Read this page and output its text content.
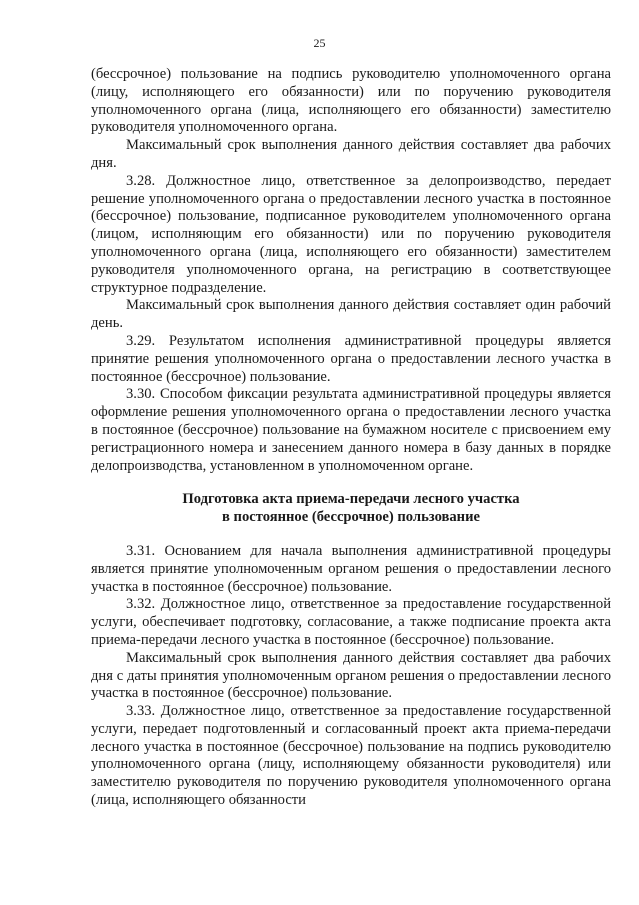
25

(бессрочное) пользование на подпись руководителю уполномоченного органа (лицу, исполняющего его обязанности) или по поручению руководителя уполномоченного органа (лица, исполняющего его обязанности) заместителю руководителя уполномоченного органа.

Максимальный срок выполнения данного действия составляет два рабочих дня.

3.28. Должностное лицо, ответственное за делопроизводство, передает решение уполномоченного органа о предоставлении лесного участка в постоянное (бессрочное) пользование, подписанное руководителем уполномоченного органа (лицом, исполняющим его обязанности) или по поручению руководителя уполномоченного органа (лица, исполняющего его обязанности) заместителем руководителя уполномоченного органа, на регистрацию в соответствующее структурное подразделение.

Максимальный срок выполнения данного действия составляет один рабочий день.

3.29. Результатом исполнения административной процедуры является принятие решения уполномоченного органа о предоставлении лесного участка в постоянное (бессрочное) пользование.

3.30. Способом фиксации результата административной процедуры является оформление решения уполномоченного органа о предоставлении лесного участка в постоянное (бессрочное) пользование на бумажном носителе с присвоением ему регистрационного номера и занесением данного номера в базу данных в порядке делопроизводства, установленном в уполномоченном органе.

Подготовка акта приема-передачи лесного участка
в постоянное (бессрочное) пользование

3.31. Основанием для начала выполнения административной процедуры является принятие уполномоченным органом решения о предоставлении лесного участка в постоянное (бессрочное) пользование.

3.32. Должностное лицо, ответственное за предоставление государственной услуги, обеспечивает подготовку, согласование, а также подписание проекта акта приема-передачи лесного участка в постоянное (бессрочное) пользование.

Максимальный срок выполнения данного действия составляет два рабочих дня с даты принятия уполномоченным органом решения о предоставлении лесного участка в постоянное (бессрочное) пользование.

3.33. Должностное лицо, ответственное за предоставление государственной услуги, передает подготовленный и согласованный проект акта приема-передачи лесного участка в постоянное (бессрочное) пользование на подпись руководителю уполномоченного органа (лицу, исполняющему обязанности руководителя) или заместителю руководителя по поручению руководителя уполномоченного органа (лица, исполняющего обязанности
